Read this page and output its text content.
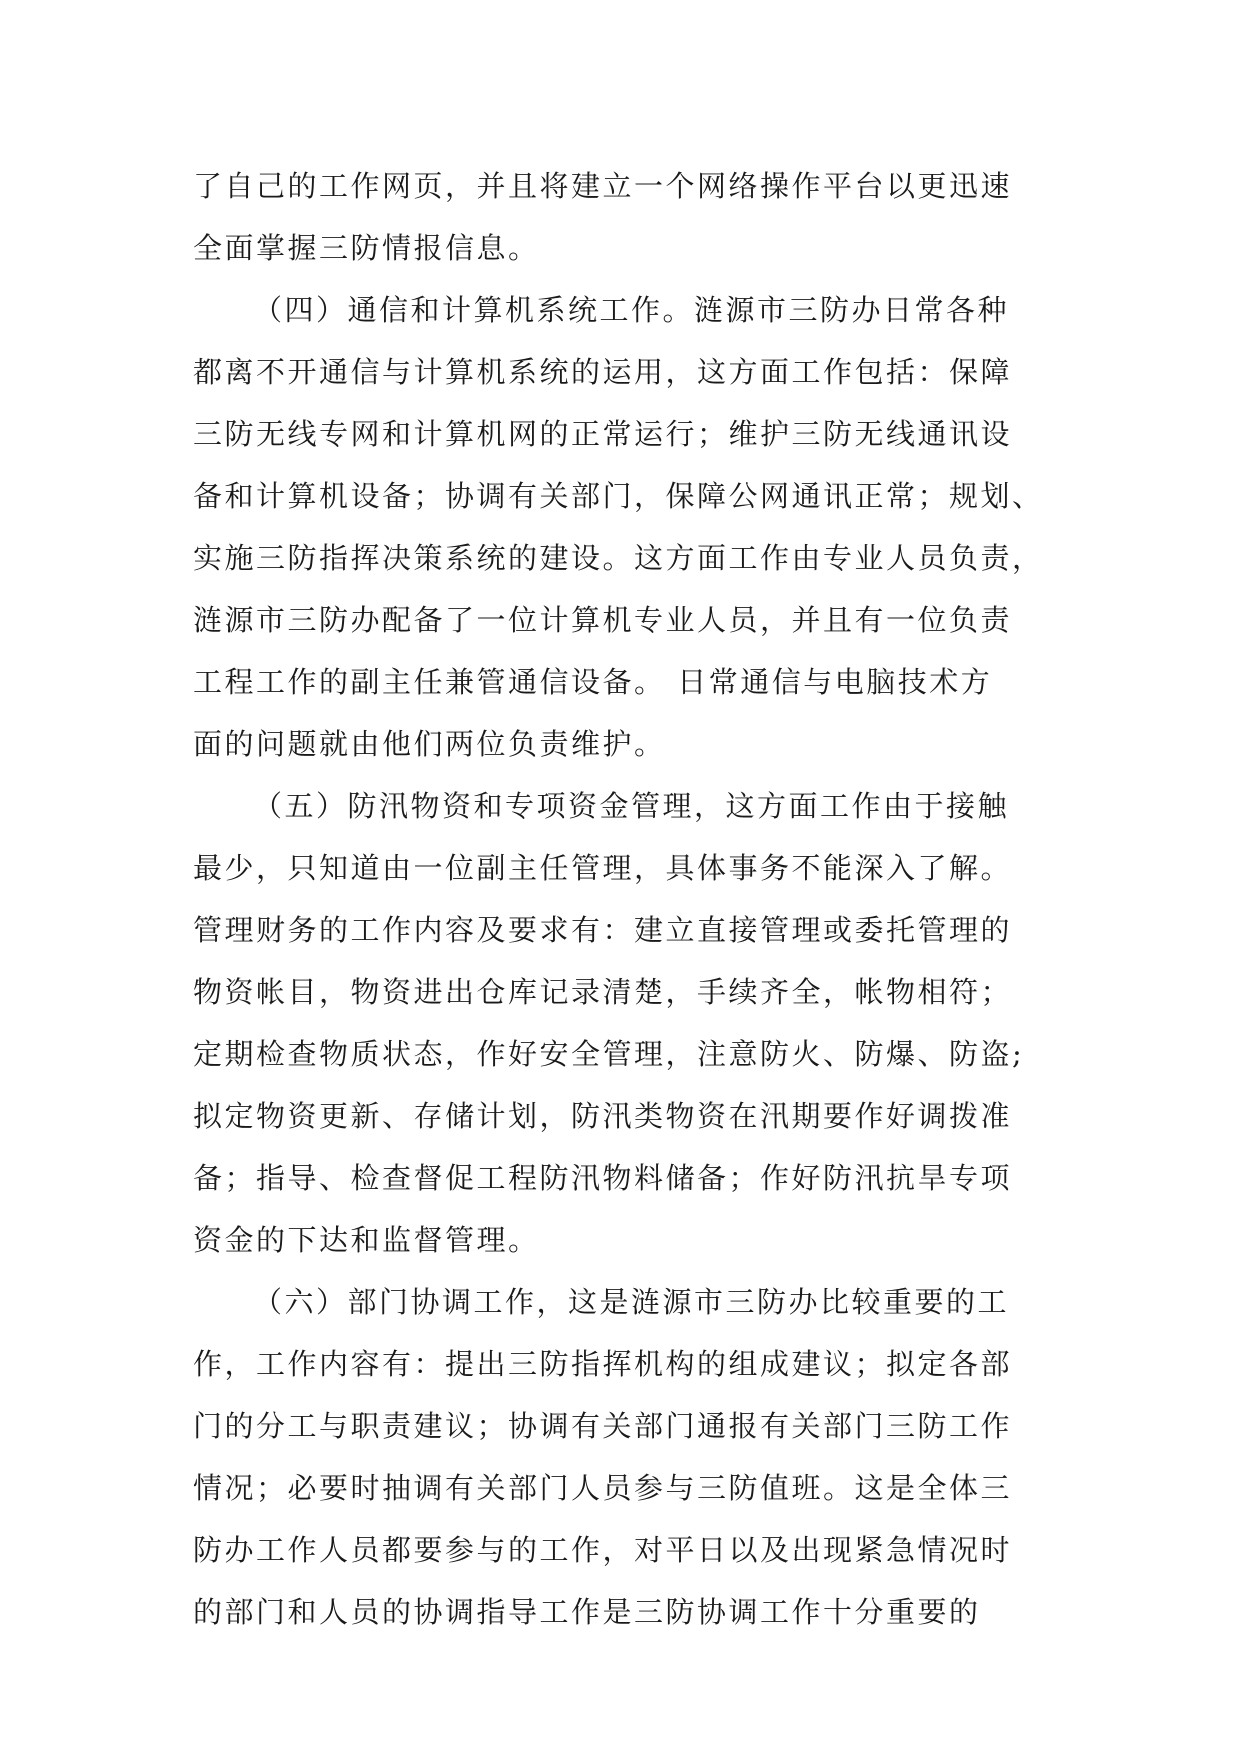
了自己的工作网页，并且将建立一个网络操作平台以更迅速
全面掌握三防情报信息。
（四）通信和计算机系统工作。涟源市三防办日常各种
都离不开通信与计算机系统的运用，这方面工作包括：保障
三防无线专网和计算机网的正常运行；维护三防无线通讯设
备和计算机设备；协调有关部门，保障公网通讯正常；规划、
实施三防指挥决策系统的建设。这方面工作由专业人员负责，
涟源市三防办配备了一位计算机专业人员，并且有一位负责
工程工作的副主任兼管通信设备。 日常通信与电脑技术方
面的问题就由他们两位负责维护。
（五）防汛物资和专项资金管理，这方面工作由于接触
最少，只知道由一位副主任管理，具体事务不能深入了解。
管理财务的工作内容及要求有：建立直接管理或委托管理的
物资帐目，物资进出仓库记录清楚，手续齐全，帐物相符；
定期检查物质状态，作好安全管理，注意防火、防爆、防盗;
拟定物资更新、存储计划，防汛类物资在汛期要作好调拨准
备；指导、检查督促工程防汛物料储备；作好防汛抗旱专项
资金的下达和监督管理。
（六）部门协调工作，这是涟源市三防办比较重要的工
作，工作内容有：提出三防指挥机构的组成建议；拟定各部
门的分工与职责建议；协调有关部门通报有关部门三防工作
情况；必要时抽调有关部门人员参与三防值班。这是全体三
防办工作人员都要参与的工作，对平日以及出现紧急情况时
的部门和人员的协调指导工作是三防协调工作十分重要的
